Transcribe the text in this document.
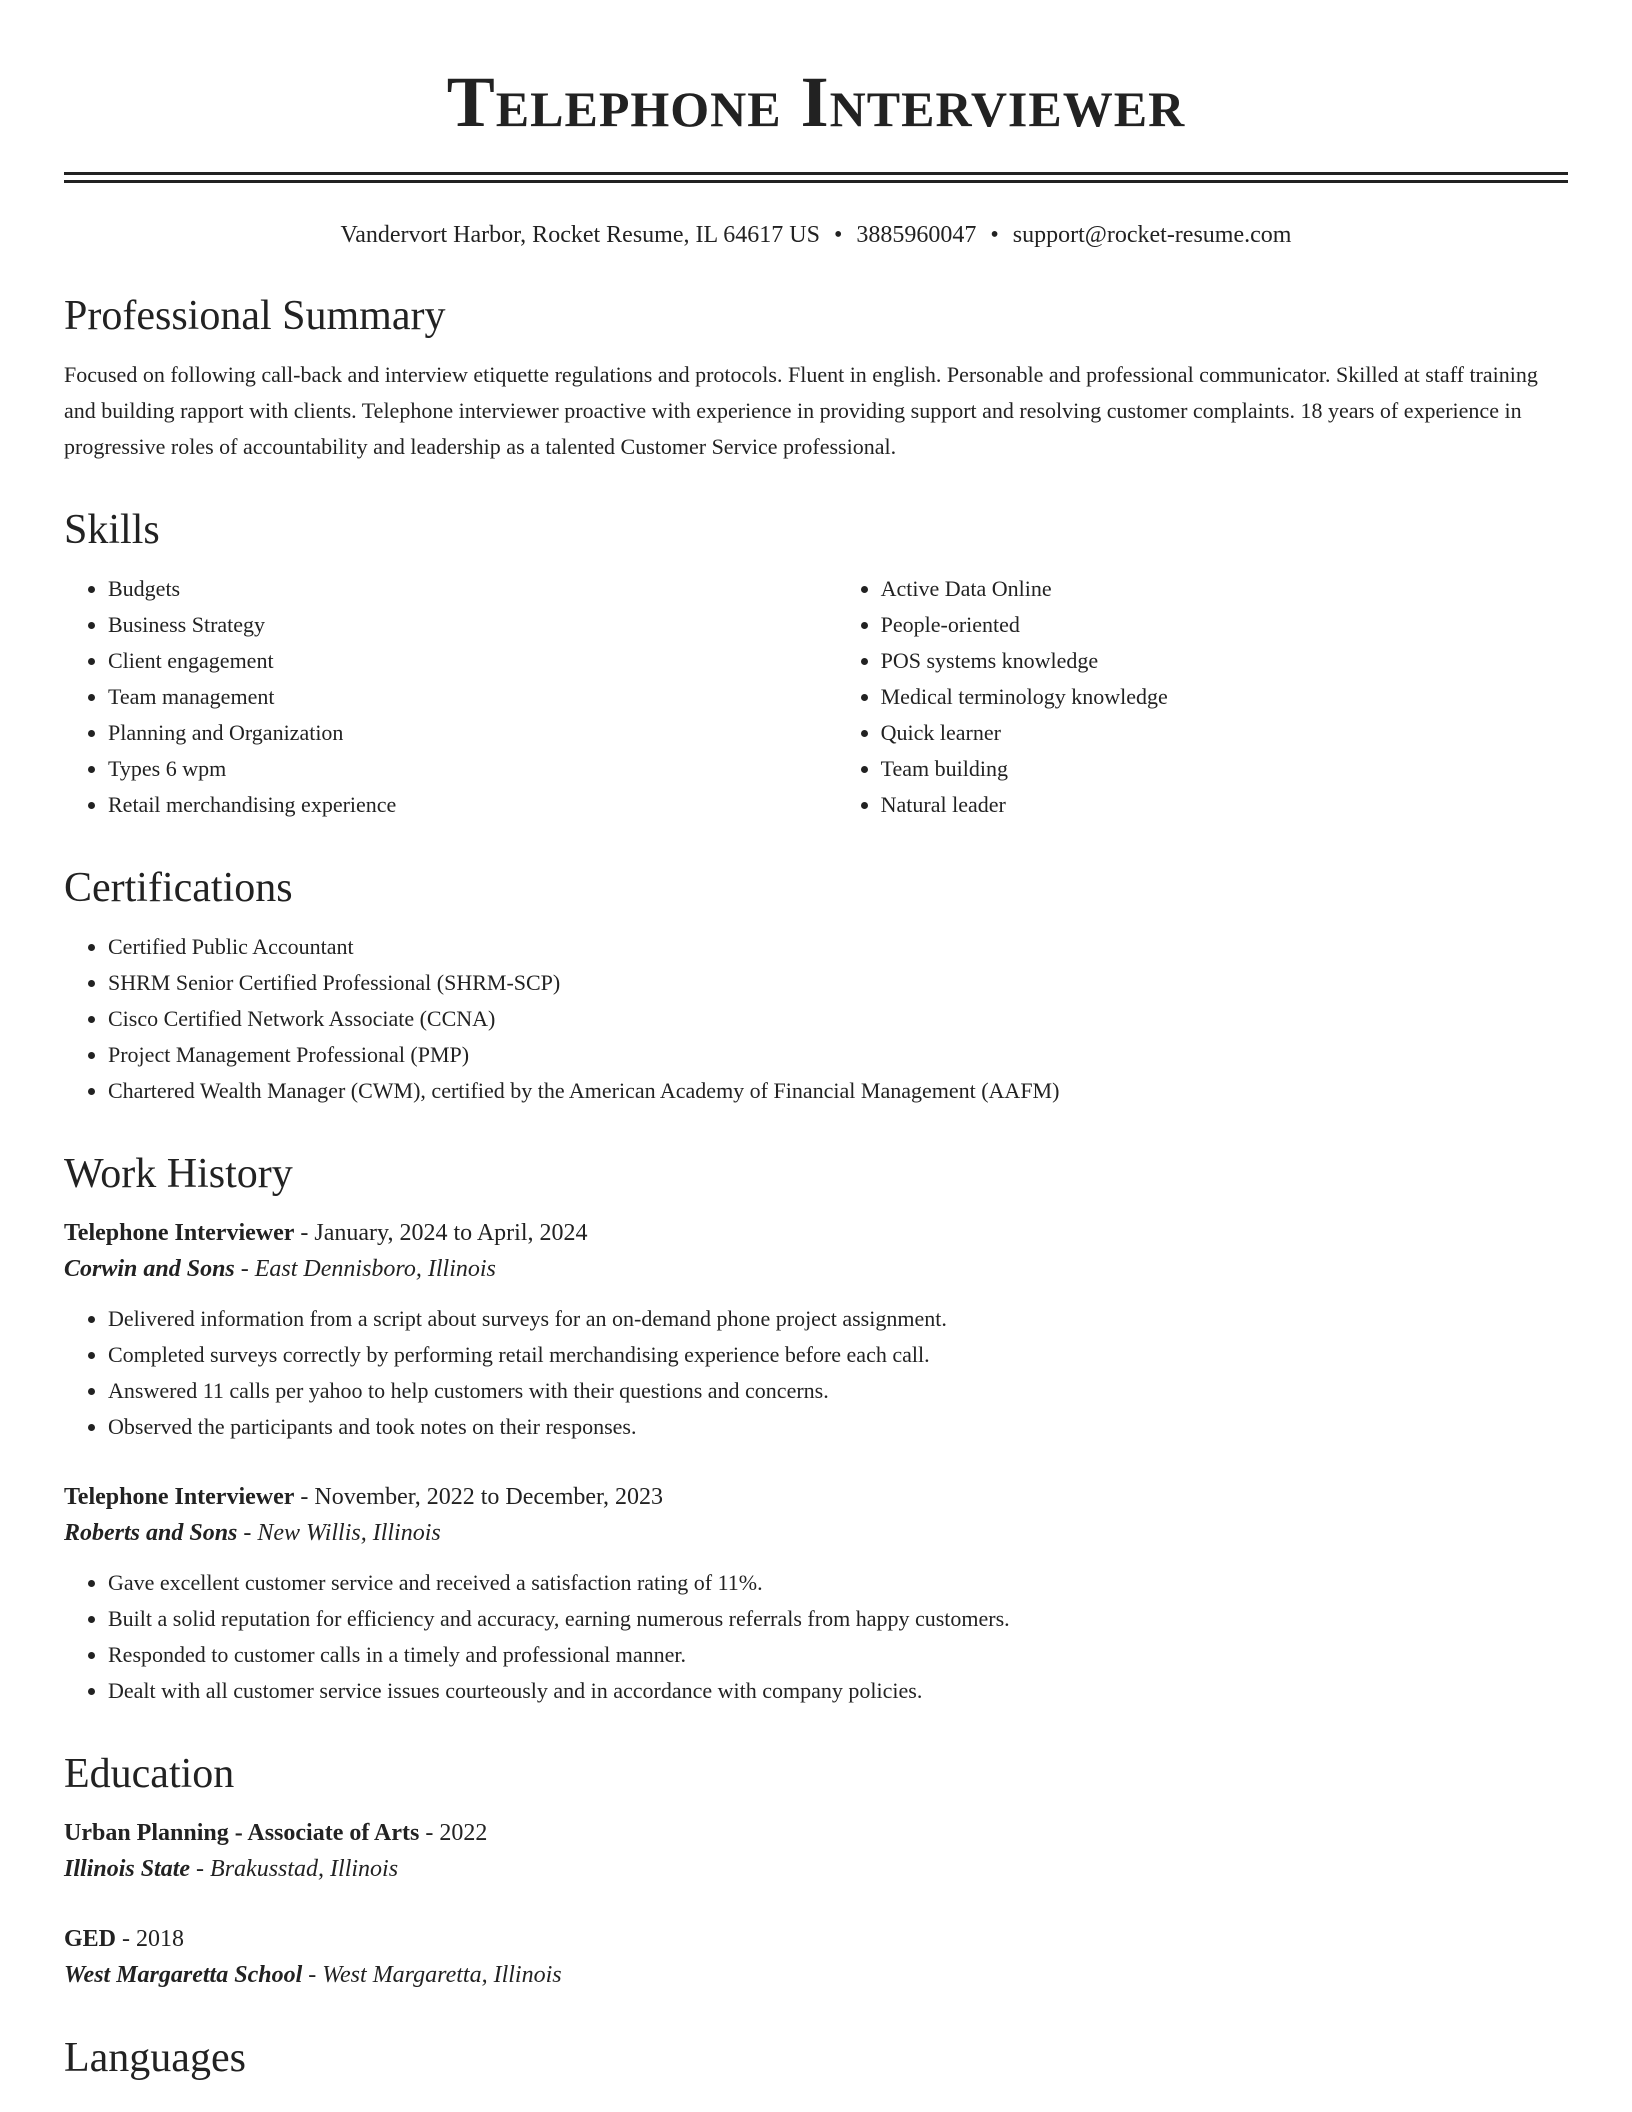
Telephone Interviewer
Vandervort Harbor, Rocket Resume, IL 64617 US • 3885960047 • support@rocket-resume.com
Professional Summary

Focused on following call-back and interview etiquette regulations and protocols. Fluent in english. Personable and professional communicator. Skilled at staff training and building rapport with clients. Telephone interviewer proactive with experience in providing support and resolving customer complaints. 18 years of experience in progressive roles of accountability and leadership as a talented Customer Service professional.

Skills
• Budgets
• Business Strategy
• Client engagement
• Team management
• Planning and Organization
• Types 6 wpm
• Retail merchandising experience
• Active Data Online
• People-oriented
• POS systems knowledge
• Medical terminology knowledge
• Quick learner
• Team building
• Natural leader
Certifications
• Certified Public Accountant
• SHRM Senior Certified Professional (SHRM-SCP)
• Cisco Certified Network Associate (CCNA)
• Project Management Professional (PMP)
• Chartered Wealth Manager (CWM), certified by the American Academy of Financial Management (AAFM)
Work History
Telephone Interviewer - January, 2024 to April, 2024
Corwin and Sons - East Dennisboro, Illinois
• Delivered information from a script about surveys for an on-demand phone project assignment.
• Completed surveys correctly by performing retail merchandising experience before each call.
• Answered 11 calls per yahoo to help customers with their questions and concerns.
• Observed the participants and took notes on their responses.
Telephone Interviewer - November, 2022 to December, 2023
Roberts and Sons - New Willis, Illinois
• Gave excellent customer service and received a satisfaction rating of 11%.
• Built a solid reputation for efficiency and accuracy, earning numerous referrals from happy customers.
• Responded to customer calls in a timely and professional manner.
• Dealt with all customer service issues courteously and in accordance with company policies.
Education
Urban Planning - Associate of Arts - 2022
Illinois State - Brakusstad, Illinois
GED - 2018
West Margaretta School - West Margaretta, Illinois
Languages
